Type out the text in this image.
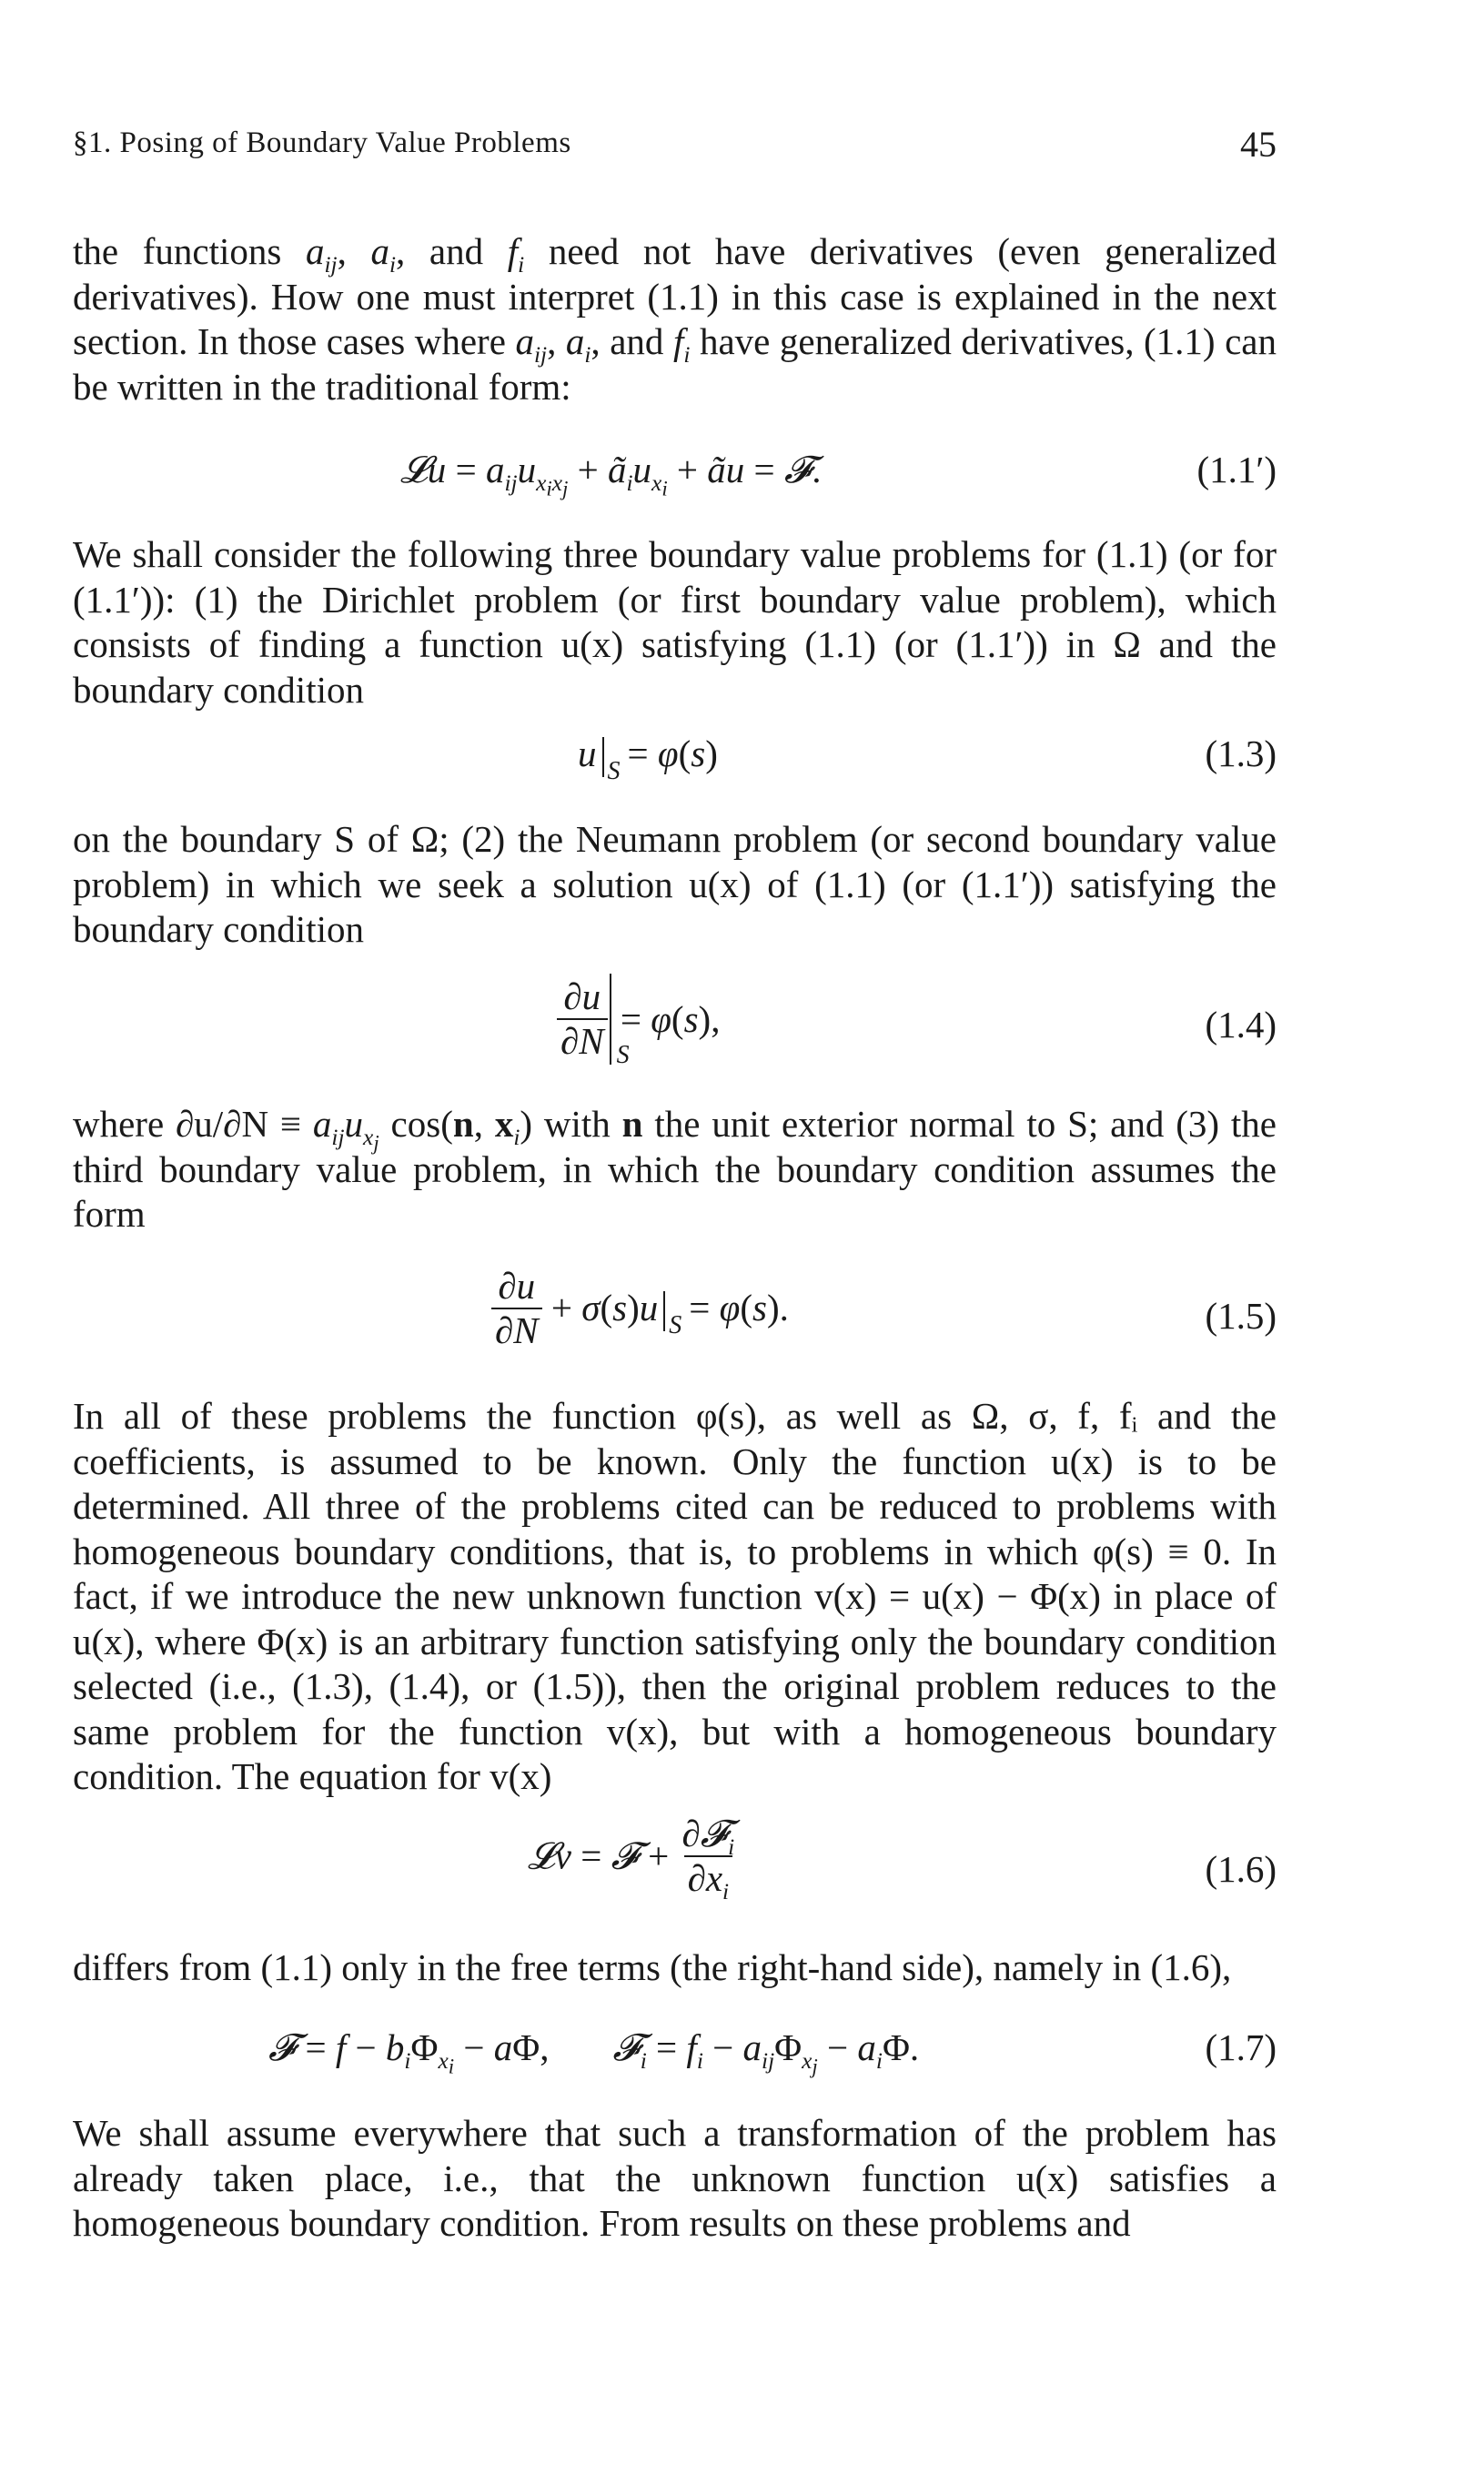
§1. Posing of Boundary Value Problems	45

the functions $a_{ij}$, $a_i$, and $f_i$ need not have derivatives (even generalized derivatives). How one must interpret (1.1) in this case is explained in the next section. In those cases where $a_{ij}$, $a_i$, and $f_i$ have generalized derivatives, (1.1) can be written in the traditional form:

𝓛u = $a_{ij}u_{x_ix_j}$ + $ã_iu_{x_i}$ + ãu = 𝓕.	(1.1′)

We shall consider the following three boundary value problems for (1.1) (or for (1.1′)): (1) the Dirichlet problem (or first boundary value problem), which consists of finding a function u(x) satisfying (1.1) (or (1.1′)) in Ω and the boundary condition

u S = φ(s)	(1.3)

on the boundary S of Ω; (2) the Neumann problem (or second boundary value problem) in which we seek a solution u(x) of (1.1) (or (1.1′)) satisfying the boundary condition

$\frac{\partial u}{\partial N}$ S
= φ(s),	(1.4)

where $\partial u/\partial N \equiv a_{ij}u_{x_j}$ cos(n, $x_i$) with n the unit exterior normal to S; and (3) the third boundary value problem, in which the boundary condition assumes the form

$\frac{\partial u}{\partial N} + \sigma(s)u$ S = φ(s).	(1.5)

In all of these problems the function φ(s), as well as Ω, σ, f, fᵢ and the coefficients, is assumed to be known. Only the function u(x) is to be determined. All three of the problems cited can be reduced to problems with homogeneous boundary conditions, that is, to problems in which φ(s) ≡ 0. In fact, if we introduce the new unknown function v(x) = u(x) − Φ(x) in place of u(x), where Φ(x) is an arbitrary function satisfying only the boundary condition selected (i.e., (1.3), (1.4), or (1.5)), then the original problem reduces to the same problem for the function v(x), but with a homogeneous boundary condition. The equation for v(x)

𝓛v = 𝓕 + $\frac{\partial 𝓕_i}{\partial x_i}$	(1.6)

differs from (1.1) only in the free terms (the right-hand side), namely in (1.6),

𝓕 = $f - b_i\Phi_{x_i} - a\Phi$, 𝓕$_i$ = $f_i - a_{ij}\Phi_{x_j} - a_i\Phi$.	(1.7)

We shall assume everywhere that such a transformation of the problem has already taken place, i.e., that the unknown function u(x) satisfies a homogeneous boundary condition. From results on these problems and
